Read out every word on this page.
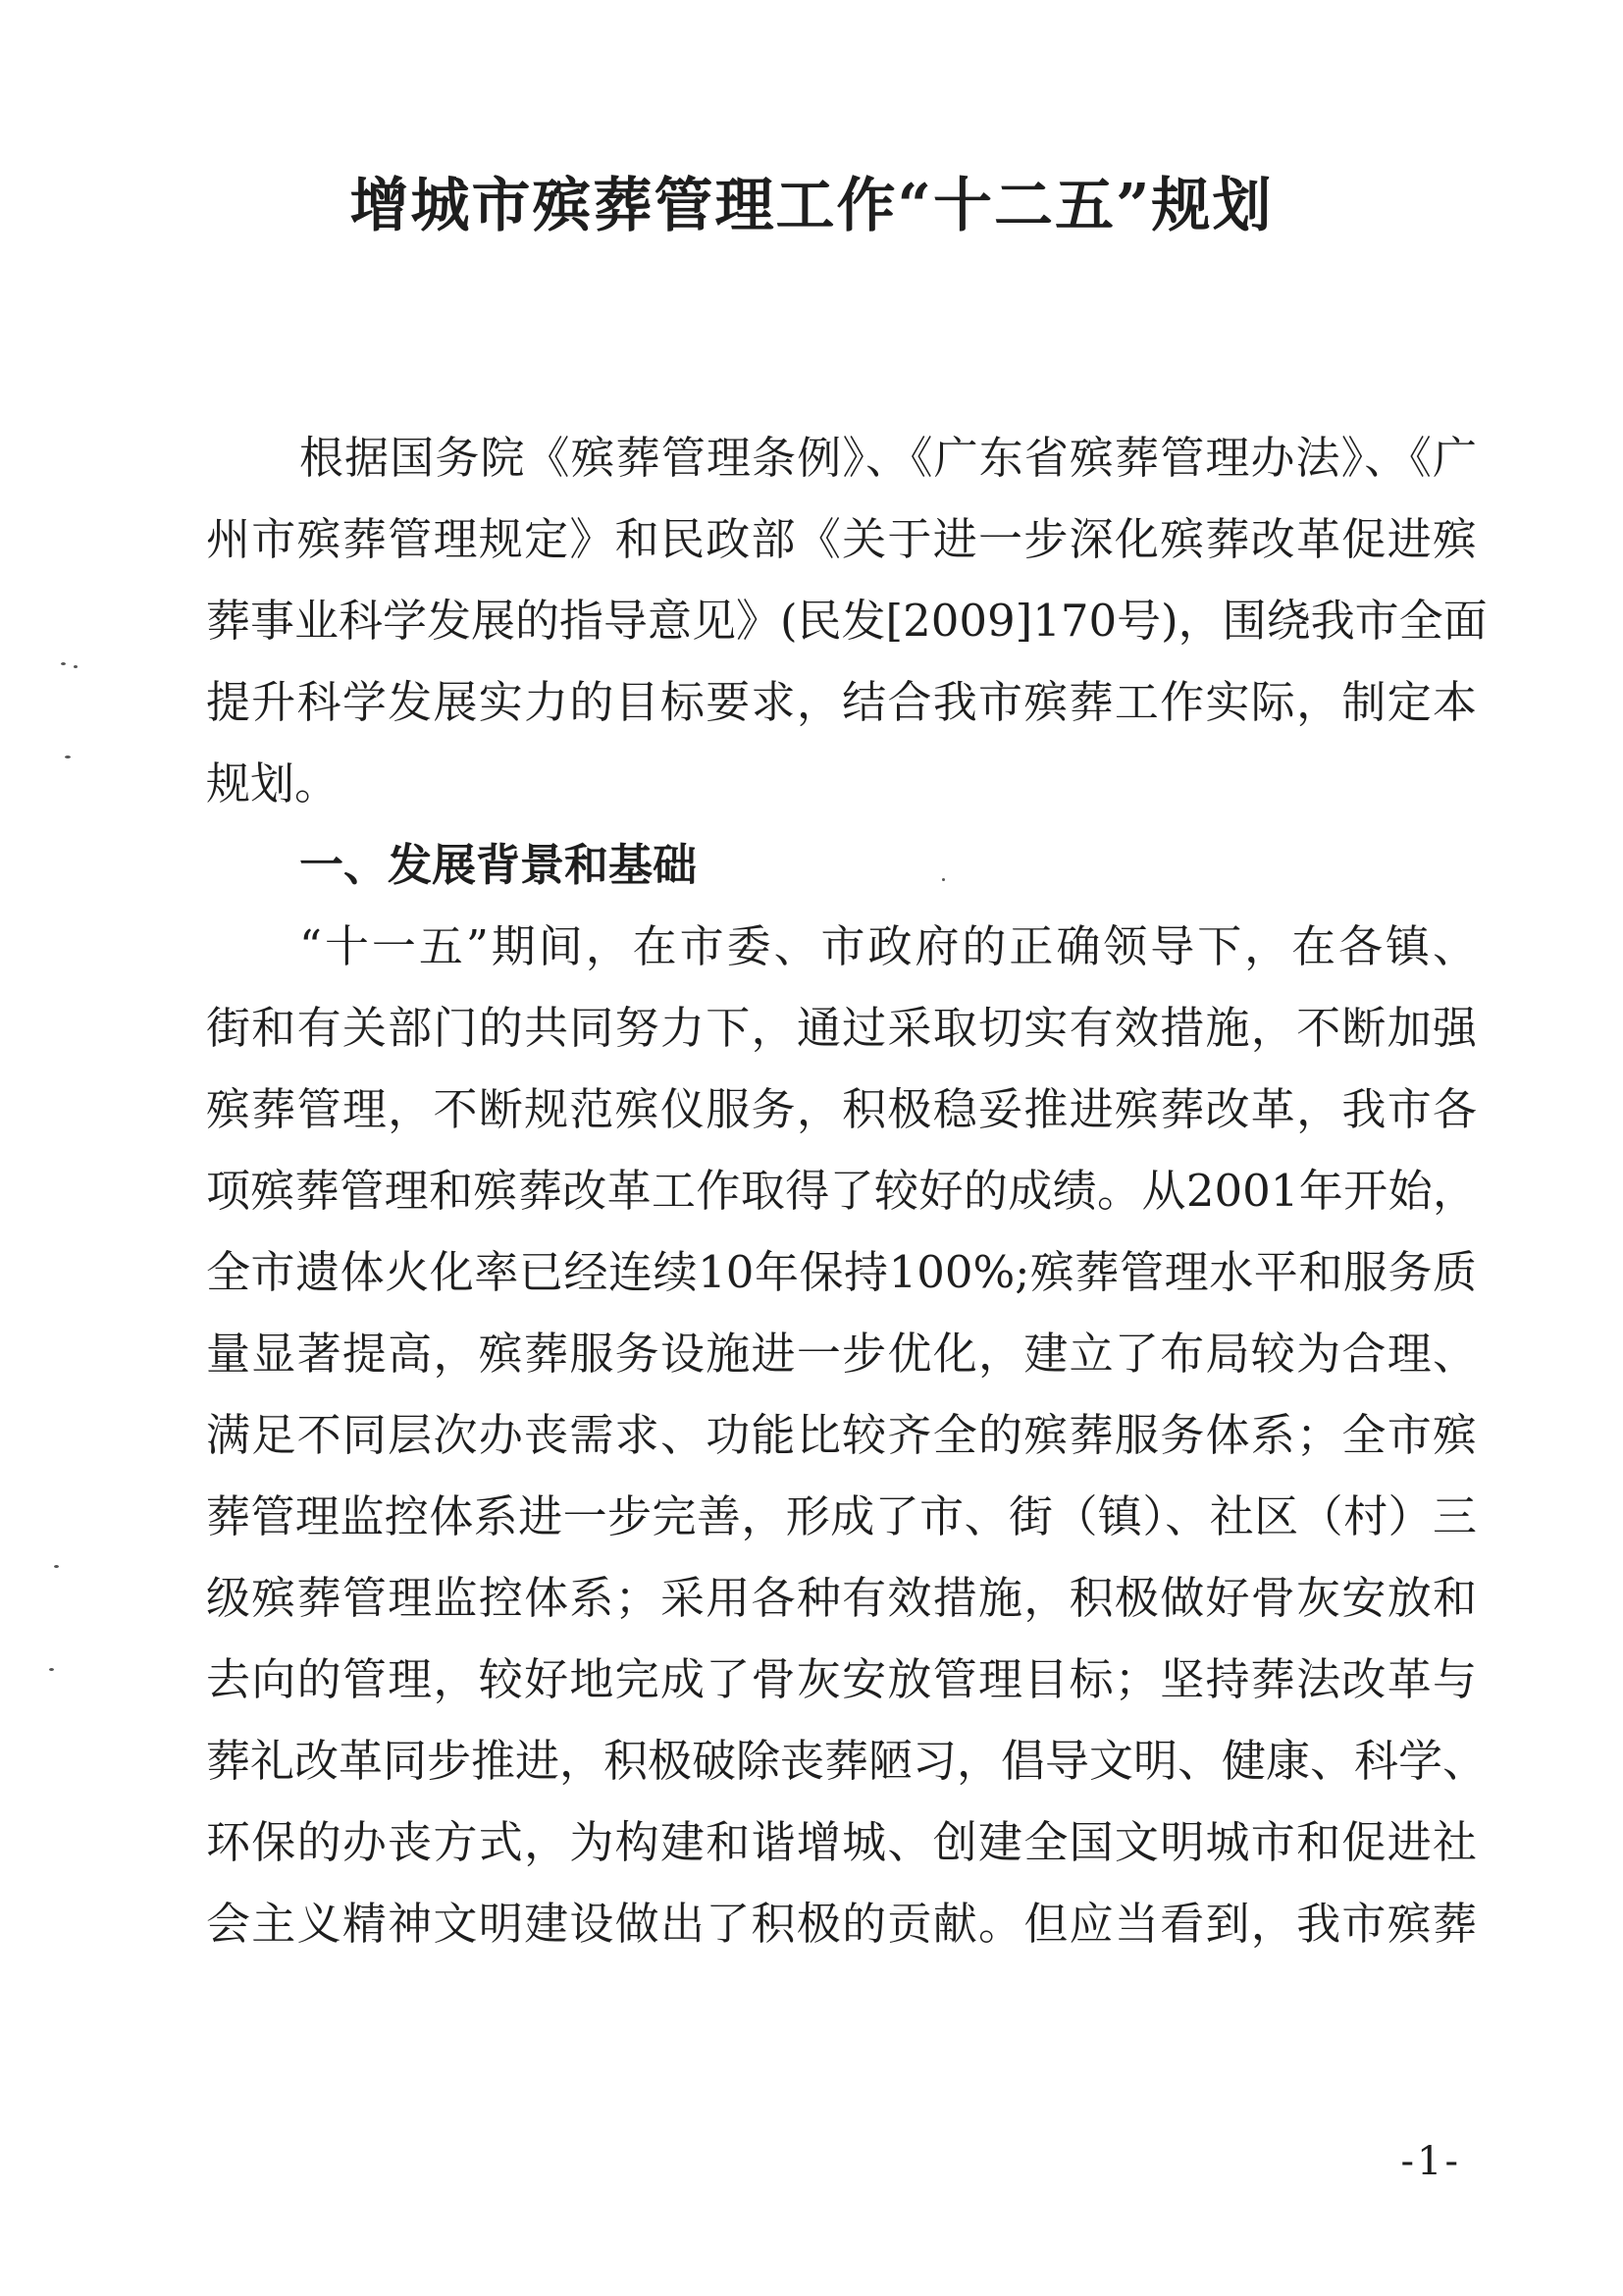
增城市殡葬管理工作“十二五”规划
根据国务院《殡葬管理条例》、《广东省殡葬管理办法》、《广
州市殡葬管理规定》和民政部《关于进一步深化殡葬改革促进殡
葬事业科学发展的指导意见》(民发[2009]170号)，围绕我市全面
提升科学发展实力的目标要求，结合我市殡葬工作实际，制定本
规划。
一、发展背景和基础
“十一五”期间，在市委、市政府的正确领导下，在各镇、
街和有关部门的共同努力下，通过采取切实有效措施，不断加强
殡葬管理，不断规范殡仪服务，积极稳妥推进殡葬改革，我市各
项殡葬管理和殡葬改革工作取得了较好的成绩。从2001年开始，
全市遗体火化率已经连续10年保持100%;殡葬管理水平和服务质
量显著提高，殡葬服务设施进一步优化，建立了布局较为合理、
满足不同层次办丧需求、功能比较齐全的殡葬服务体系；全市殡
葬管理监控体系进一步完善，形成了市、街（镇）、社区（村）三
级殡葬管理监控体系；采用各种有效措施，积极做好骨灰安放和
去向的管理，较好地完成了骨灰安放管理目标；坚持葬法改革与
葬礼改革同步推进，积极破除丧葬陋习，倡导文明、健康、科学、
环保的办丧方式，为构建和谐增城、创建全国文明城市和促进社
会主义精神文明建设做出了积极的贡献。但应当看到，我市殡葬
-1-
